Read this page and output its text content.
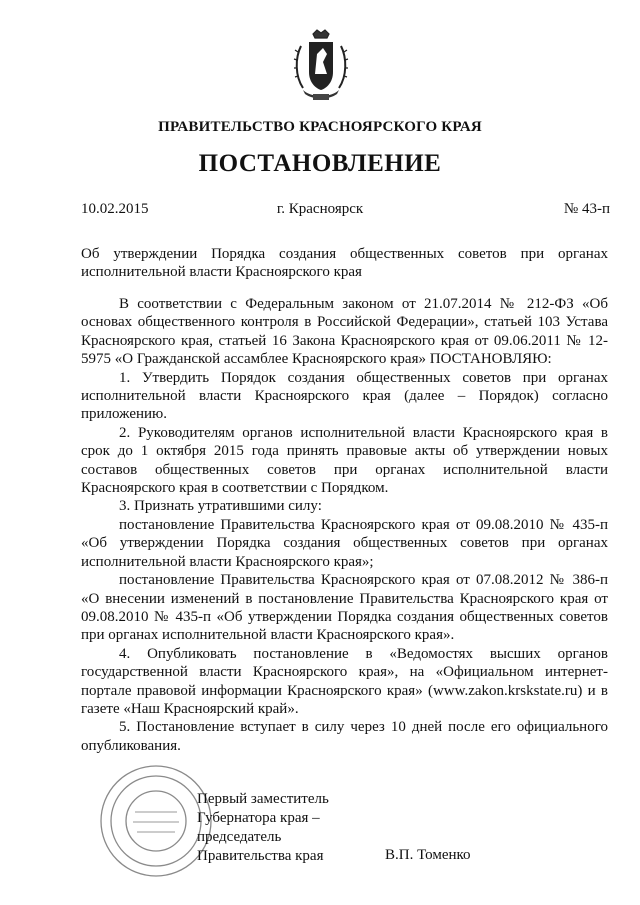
ПРАВИТЕЛЬСТВО КРАСНОЯРСКОГО КРАЯ
ПОСТАНОВЛЕНИЕ
10.02.2015	г. Красноярск	№ 43-п
Об утверждении Порядка создания общественных советов при органах исполнительной власти Красноярского края

В соответствии с Федеральным законом от 21.07.2014 № 212-ФЗ «Об основах общественного контроля в Российской Федерации», статьей 103 Устава Красноярского края, статьей 16 Закона Красноярского края от 09.06.2011 № 12-5975 «О Гражданской ассамблее Красноярского края» ПОСТАНОВЛЯЮ:

1. Утвердить Порядок создания общественных советов при органах исполнительной власти Красноярского края (далее – Порядок) согласно приложению.

2. Руководителям органов исполнительной власти Красноярского края в срок до 1 октября 2015 года принять правовые акты об утверждении новых составов общественных советов при органах исполнительной власти Красноярского края в соответствии с Порядком.

3. Признать утратившими силу:

постановление Правительства Красноярского края от 09.08.2010 № 435-п «Об утверждении Порядка создания общественных советов при органах исполнительной власти Красноярского края»;

постановление Правительства Красноярского края от 07.08.2012 № 386-п «О внесении изменений в постановление Правительства Красноярского края от 09.08.2010 № 435-п «Об утверждении Порядка создания общественных советов при органах исполнительной власти Красноярского края».

4. Опубликовать постановление в «Ведомостях высших органов государственной власти Красноярского края», на «Официальном интернет-портале правовой информации Красноярского края» (www.zakon.krskstate.ru) и в газете «Наш Красноярский край».

5. Постановление вступает в силу через 10 дней после его официального опубликования.

Первый заместитель
Губернатора края –
председатель
Правительства края	В.П. Томенко
